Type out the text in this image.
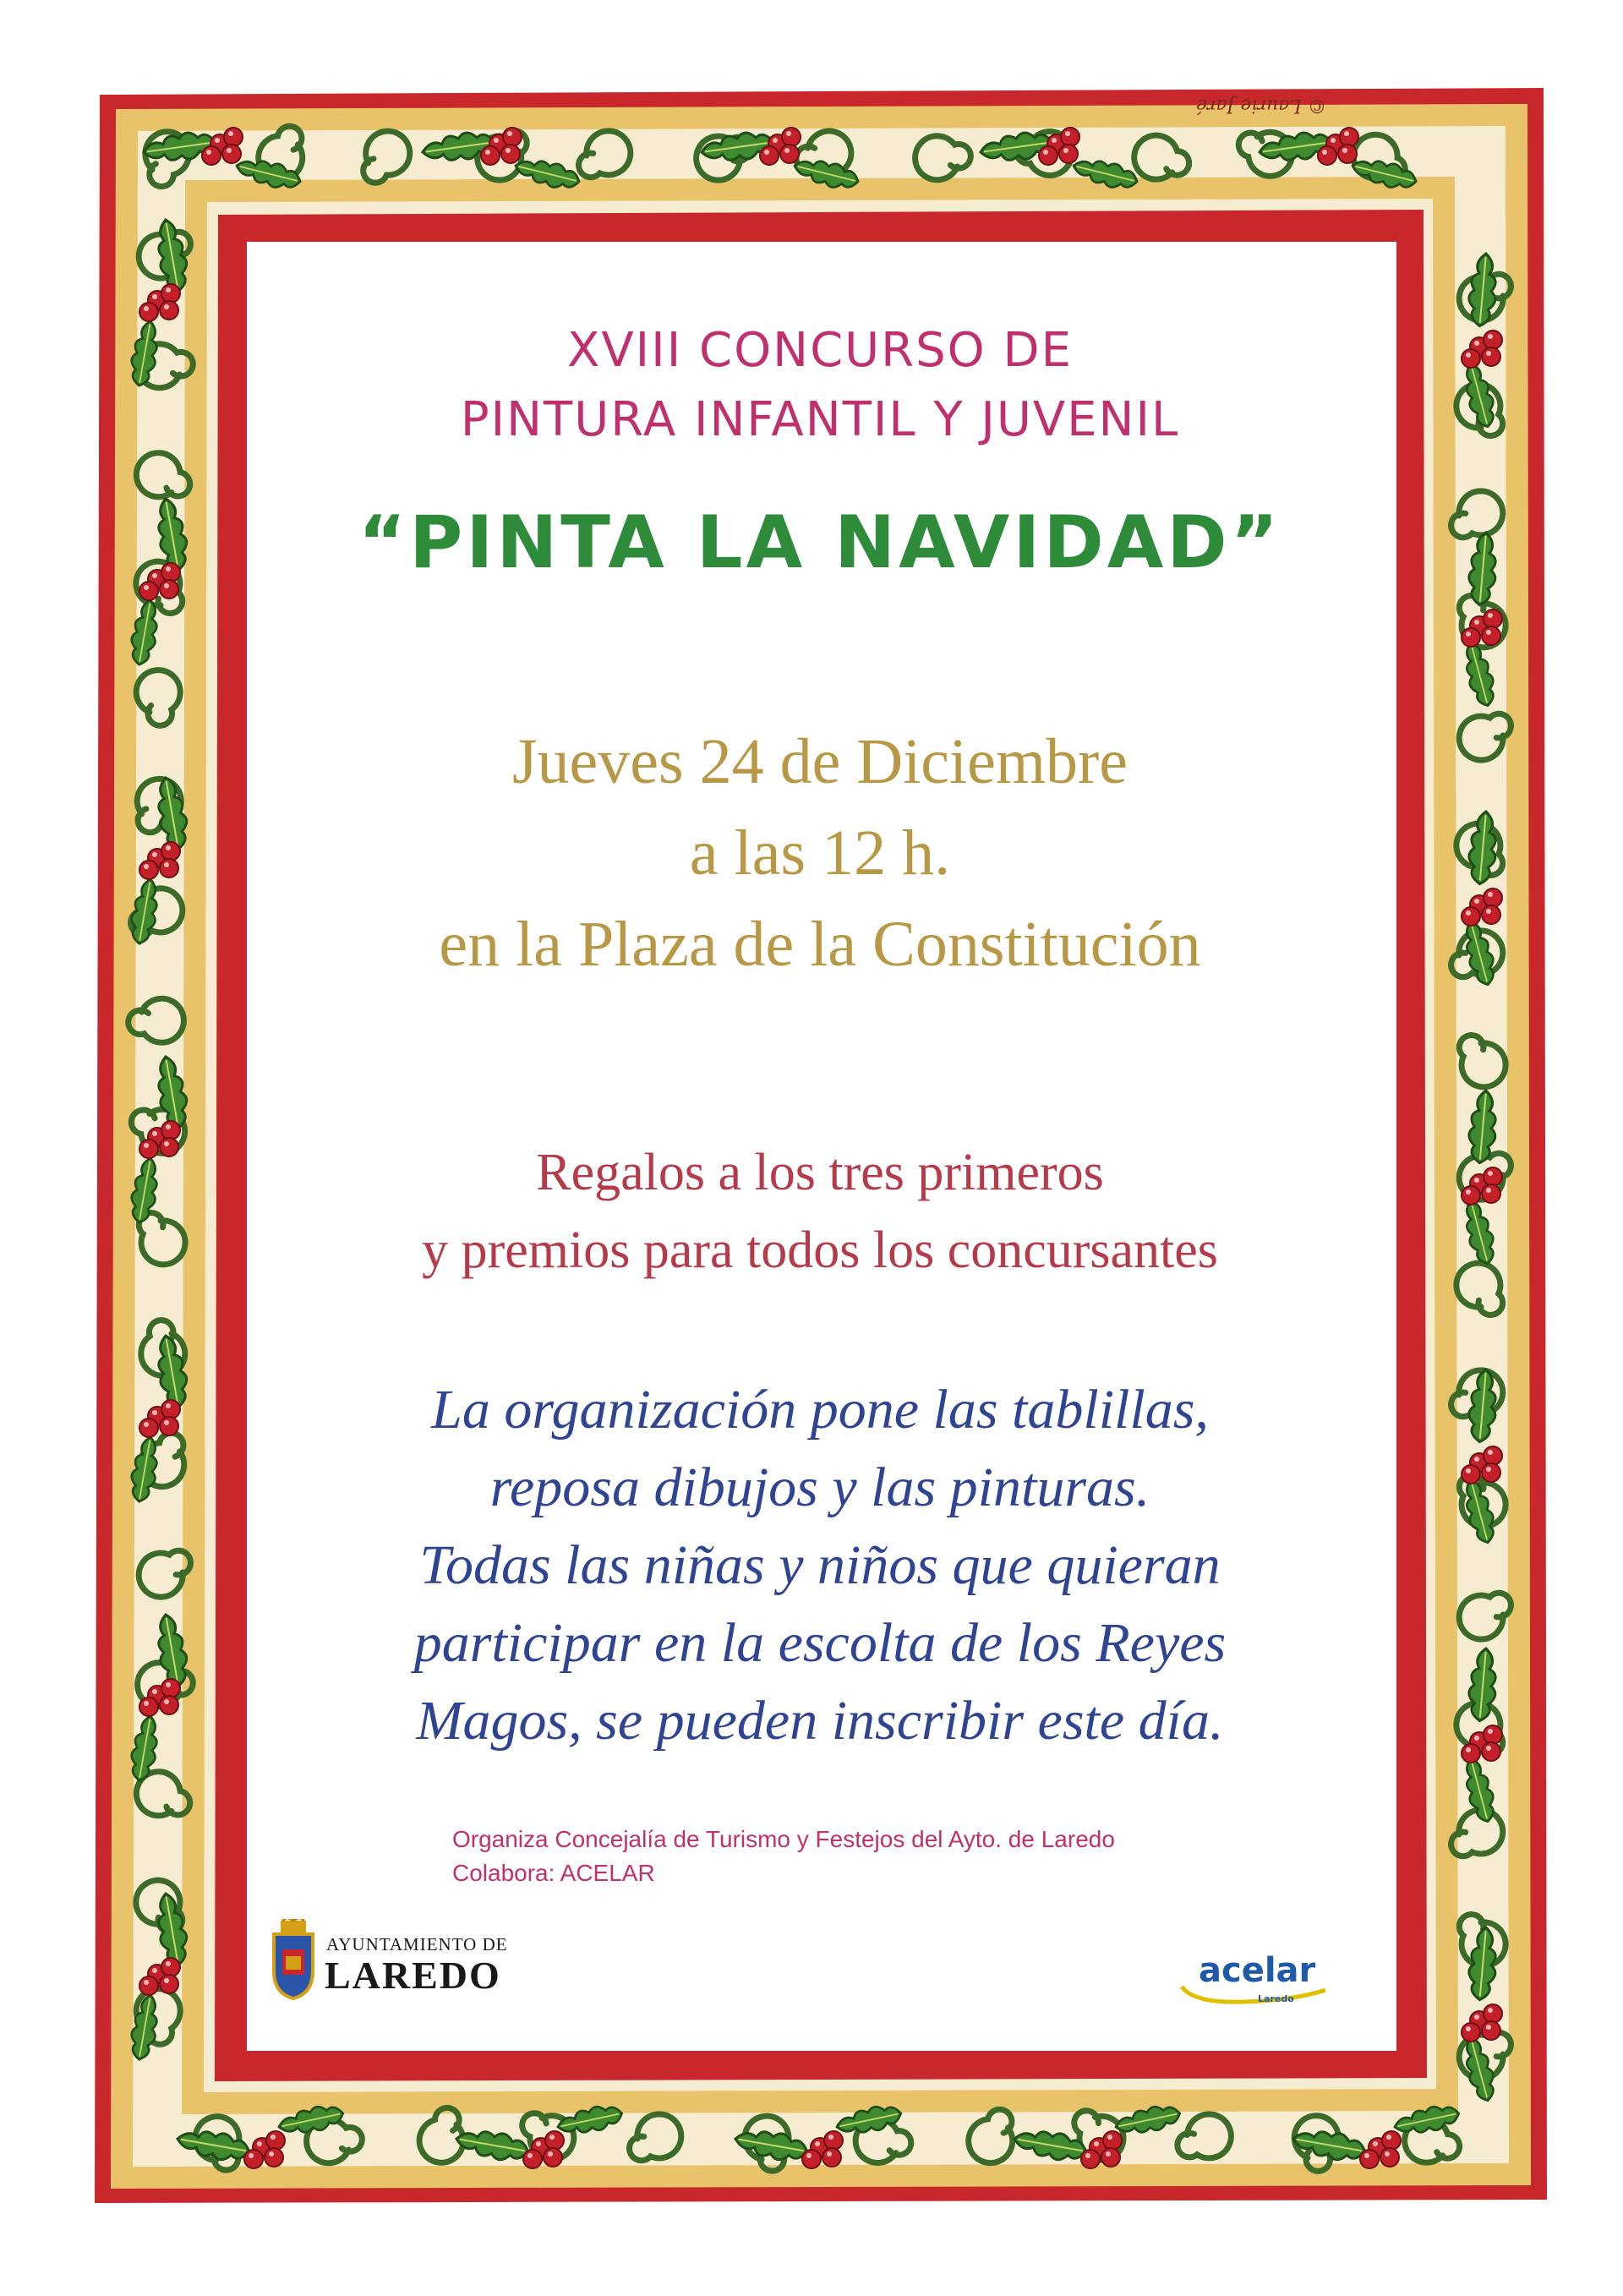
© Laurie Jaré
XVIII CONCURSO DE
PINTURA INFANTIL Y JUVENIL
“PINTA LA NAVIDAD”
Jueves 24 de Diciembre
a las 12 h.
en la Plaza de la Constitución
Regalos a los tres primeros
y premios para todos los concursantes
La organización pone las tablillas,
reposa dibujos y las pinturas.
Todas las niñas y niños que quieran
participar en la escolta de los Reyes
Magos, se pueden inscribir este día.
Organiza Concejalía de Turismo y Festejos del Ayto. de Laredo
Colabora: ACELAR
AYUNTAMIENTO DE
LAREDO	acelar
Laredo
